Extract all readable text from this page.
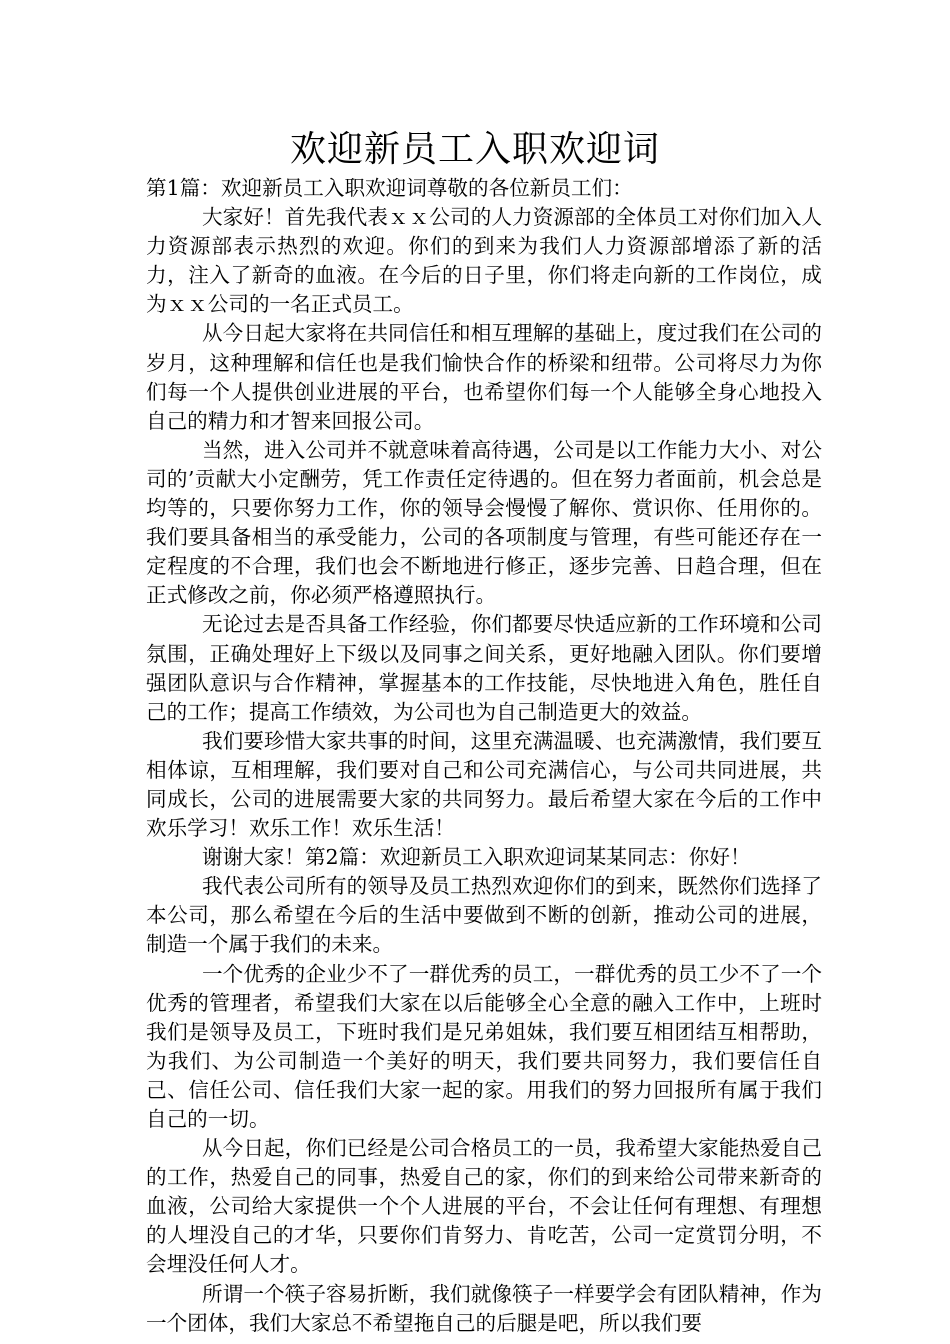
欢迎新员工入职欢迎词

第1篇：欢迎新员工入职欢迎词尊敬的各位新员工们：

大家好！首先我代表ｘｘ公司的人力资源部的全体员工对你们加入人力资源部表示热烈的欢迎。你们的到来为我们人力资源部增添了新的活力，注入了新奇的血液。在今后的日子里，你们将走向新的工作岗位，成为ｘｘ公司的一名正式员工。

从今日起大家将在共同信任和相互理解的基础上，度过我们在公司的岁月，这种理解和信任也是我们愉快合作的桥梁和纽带。公司将尽力为你们每一个人提供创业进展的平台，也希望你们每一个人能够全身心地投入自己的精力和才智来回报公司。

当然，进入公司并不就意味着高待遇，公司是以工作能力大小、对公司的’贡献大小定酬劳，凭工作责任定待遇的。但在努力者面前，机会总是均等的，只要你努力工作，你的领导会慢慢了解你、赏识你、任用你的。我们要具备相当的承受能力，公司的各项制度与管理，有些可能还存在一定程度的不合理，我们也会不断地进行修正，逐步完善、日趋合理，但在正式修改之前，你必须严格遵照执行。

无论过去是否具备工作经验，你们都要尽快适应新的工作环境和公司氛围，正确处理好上下级以及同事之间关系，更好地融入团队。你们要增强团队意识与合作精神，掌握基本的工作技能，尽快地进入角色，胜任自己的工作；提高工作绩效，为公司也为自己制造更大的效益。

我们要珍惜大家共事的时间，这里充满温暖、也充满激情，我们要互相体谅，互相理解，我们要对自己和公司充满信心，与公司共同进展，共同成长，公司的进展需要大家的共同努力。最后希望大家在今后的工作中欢乐学习！欢乐工作！欢乐生活！

谢谢大家！第2篇：欢迎新员工入职欢迎词某某同志：你好！

我代表公司所有的领导及员工热烈欢迎你们的到来，既然你们选择了本公司，那么希望在今后的生活中要做到不断的创新，推动公司的进展，制造一个属于我们的未来。

一个优秀的企业少不了一群优秀的员工，一群优秀的员工少不了一个优秀的管理者，希望我们大家在以后能够全心全意的融入工作中，上班时我们是领导及员工，下班时我们是兄弟姐妹，我们要互相团结互相帮助，为我们、为公司制造一个美好的明天，我们要共同努力，我们要信任自己、信任公司、信任我们大家一起的家。用我们的努力回报所有属于我们自己的一切。

从今日起，你们已经是公司合格员工的一员，我希望大家能热爱自己的工作，热爱自己的同事，热爱自己的家，你们的到来给公司带来新奇的血液，公司给大家提供一个个人进展的平台，不会让任何有理想、有理想的人埋没自己的才华，只要你们肯努力、肯吃苦，公司一定赏罚分明，不会埋没任何人才。

所谓一个筷子容易折断，我们就像筷子一样要学会有团队精神，作为一个团体，我们大家总不希望拖自己的后腿是吧，所以我们要
